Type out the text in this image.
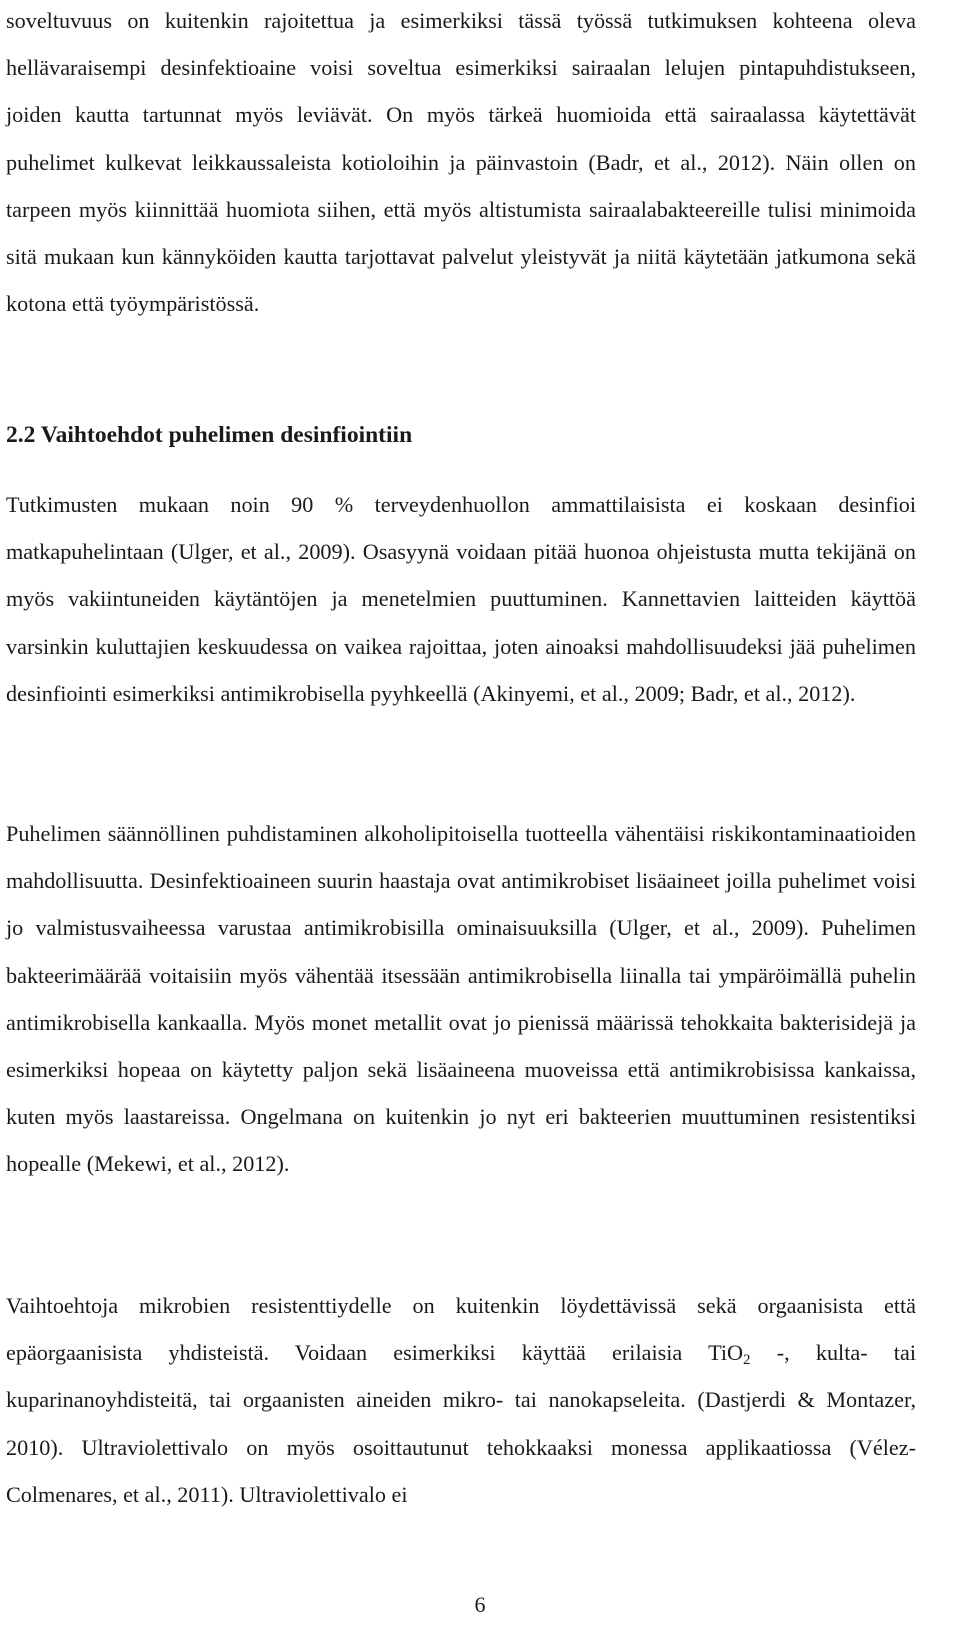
soveltuvuus on kuitenkin rajoitettua ja esimerkiksi tässä työssä tutkimuksen kohteena oleva hellävaraisempi desinfektioaine voisi soveltua esimerkiksi sairaalan lelujen pintapuhdistukseen, joiden kautta tartunnat myös leviävät. On myös tärkeä huomioida että sairaalassa käytettävät puhelimet kulkevat leikkaussaleista kotioloihin ja päinvastoin (Badr, et al., 2012). Näin ollen on tarpeen myös kiinnittää huomiota siihen, että myös altistumista sairaalabakteereille tulisi minimoida sitä mukaan kun kännyköiden kautta tarjottavat palvelut yleistyvät ja niitä käytetään jatkumona sekä kotona että työympäristössä.

2.2 Vaihtoehdot puhelimen desinfiointiin

Tutkimusten mukaan noin 90 % terveydenhuollon ammattilaisista ei koskaan desinfioi matkapuhelintaan (Ulger, et al., 2009). Osasyynä voidaan pitää huonoa ohjeistusta mutta tekijänä on myös vakiintuneiden käytäntöjen ja menetelmien puuttuminen. Kannettavien laitteiden käyttöä varsinkin kuluttajien keskuudessa on vaikea rajoittaa, joten ainoaksi mahdollisuudeksi jää puhelimen desinfiointi esimerkiksi antimikrobisella pyyhkeellä (Akinyemi, et al., 2009; Badr, et al., 2012).

Puhelimen säännöllinen puhdistaminen alkoholipitoisella tuotteella vähentäisi riskikontaminaatioiden mahdollisuutta. Desinfektioaineen suurin haastaja ovat antimikrobiset lisäaineet joilla puhelimet voisi jo valmistusvaiheessa varustaa antimikrobisilla ominaisuuksilla (Ulger, et al., 2009). Puhelimen bakteerimäärää voitaisiin myös vähentää itsessään antimikrobisella liinalla tai ympäröimällä puhelin antimikrobisella kankaalla. Myös monet metallit ovat jo pienissä määrissä tehokkaita bakterisidejä ja esimerkiksi hopeaa on käytetty paljon sekä lisäaineena muoveissa että antimikrobisissa kankaissa, kuten myös laastareissa. Ongelmana on kuitenkin jo nyt eri bakteerien muuttuminen resistentiksi hopealle (Mekewi, et al., 2012).

Vaihtoehtoja mikrobien resistenttiydelle on kuitenkin löydettävissä sekä orgaanisista että epäorgaanisista yhdisteistä. Voidaan esimerkiksi käyttää erilaisia TiO$_2$ -, kulta- tai kuparinanoyhdisteitä, tai orgaanisten aineiden mikro- tai nanokapseleita. (Dastjerdi & Montazer, 2010). Ultraviolettivalo on myös osoittautunut tehokkaaksi monessa applikaatiossa (Vélez-Colmenares, et al., 2011). Ultraviolettivalo ei

6
